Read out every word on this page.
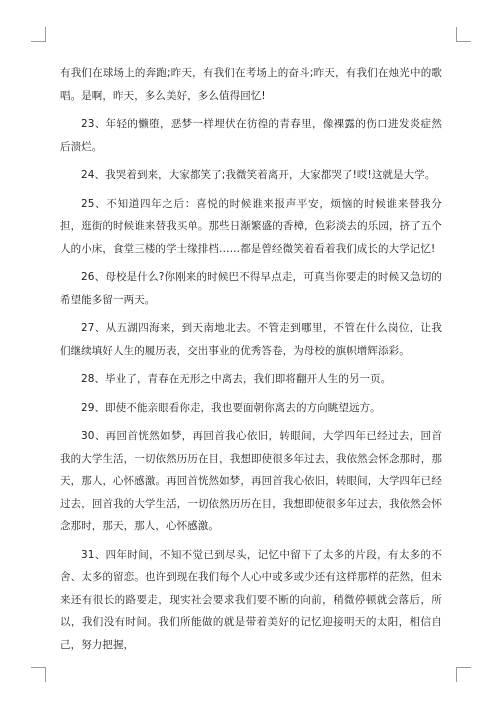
有我们在球场上的奔跑;昨天，有我们在考场上的奋斗;昨天，有我们在烛光中的歌唱。是啊，昨天，多么美好，多么值得回忆!

23、年轻的懒堕，恶梦一样埋伏在彷徨的青春里，像裸露的伤口进发炎症然后溃烂。

24、我哭着到来，大家都笑了;我微笑着离开，大家都哭了!哎!这就是大学。

25、不知道四年之后：喜悦的时候谁来报声平安，烦恼的时候谁来替我分担，逛街的时候谁来替我买单。那些日渐繁盛的香樟，色彩淡去的乐园，挤了五个人的小床，食堂三楼的学士缘排档……都是曾经微笑着看着我们成长的大学记忆!

26、母校是什么?你刚来的时候巴不得早点走，可真当你要走的时候又急切的希望能多留一两天。

27、从五湖四海来，到天南地北去。不管走到哪里，不管在什么岗位，让我们继续填好人生的履历表，交出事业的优秀答卷，为母校的旗帜增辉添彩。

28、毕业了，青春在无形之中离去，我们即将翻开人生的另一页。

29、即使不能亲眼看你走，我也要面朝你离去的方向眺望远方。

30、再回首恍然如梦，再回首我心依旧，转眼间，大学四年已经过去，回首我的大学生活，一切依然历历在目，我想即使很多年过去，我依然会怀念那时，那天，那人，心怀感激。再回首恍然如梦，再回首我心依旧，转眼间，大学四年已经过去，回首我的大学生活，一切依然历历在目，我想即使很多年过去，我依然会怀念那时，那天，那人，心怀感激。

31、四年时间，不知不觉已到尽头，记忆中留下了太多的片段，有太多的不舍、太多的留恋。也许到现在我们每个人心中或多或少还有这样那样的茫然，但未来还有很长的路要走，现实社会要求我们要不断的向前，稍微停顿就会落后，所以，我们没有时间。我们所能做的就是带着美好的记忆迎接明天的太阳，相信自己，努力把握，
